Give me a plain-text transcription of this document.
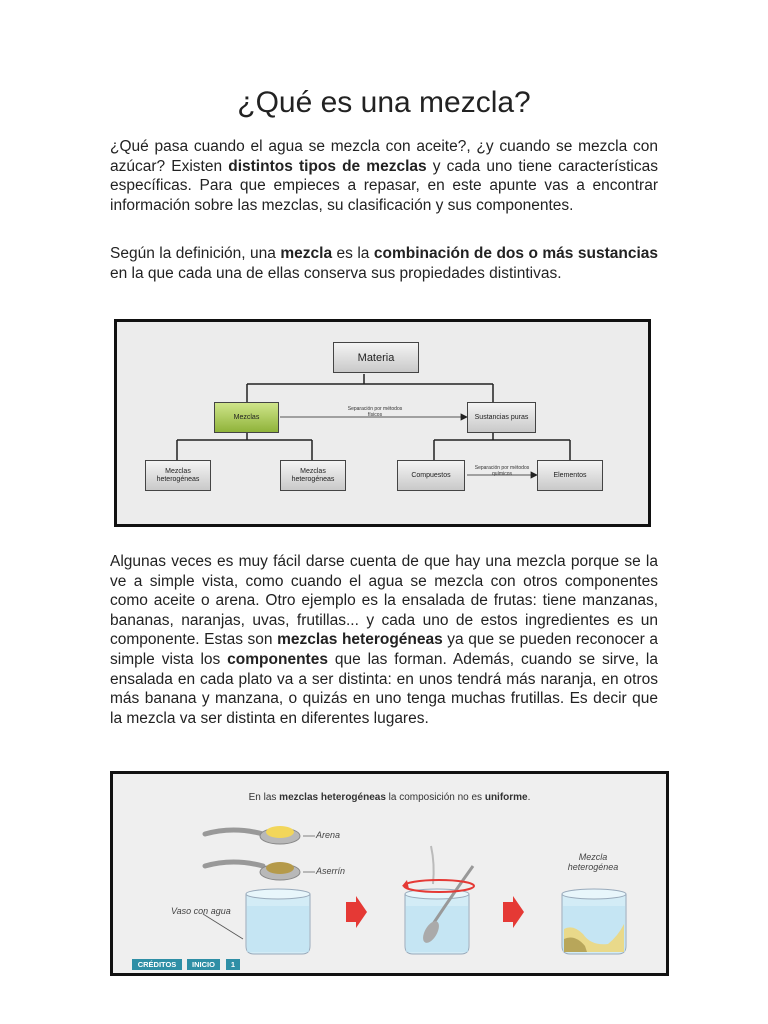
¿Qué es una mezcla?

¿Qué pasa cuando el agua se mezcla con aceite?, ¿y cuando se mezcla con azúcar? Existen distintos tipos de mezclas y cada uno tiene características específicas. Para que empieces a repasar, en este apunte vas a encontrar información sobre las mezclas, su clasificación y sus componentes.

Según la definición, una mezcla es la combinación de dos o más sustancias en la que cada una de ellas conserva sus propiedades distintivas.

Materia
Mezclas	Sustancias puras
Separación por métodos físicos
Mezclas heterogéneas
Mezclas heterogéneas
Compuestos
Separación por métodos químicos	Elementos

Algunas veces es muy fácil darse cuenta de que hay una mezcla porque se la ve a simple vista, como cuando el agua se mezcla con otros componentes como aceite o arena. Otro ejemplo es la ensalada de frutas: tiene manzanas, bananas, naranjas, uvas, frutillas... y cada uno de estos ingredientes es un componente. Estas son mezclas heterogéneas ya que se pueden reconocer a simple vista los componentes que las forman. Además, cuando se sirve, la ensalada en cada plato va a ser distinta: en unos tendrá más naranja, en otros más banana y manzana, o quizás en uno tenga muchas frutillas. Es decir que la mezcla va ser distinta en diferentes lugares.

En las mezclas heterogéneas la composición no es uniforme.
Arena
Aserrín
Vaso con agua
Mezcla heterogénea
CRÉDITOS	INICIO	1
